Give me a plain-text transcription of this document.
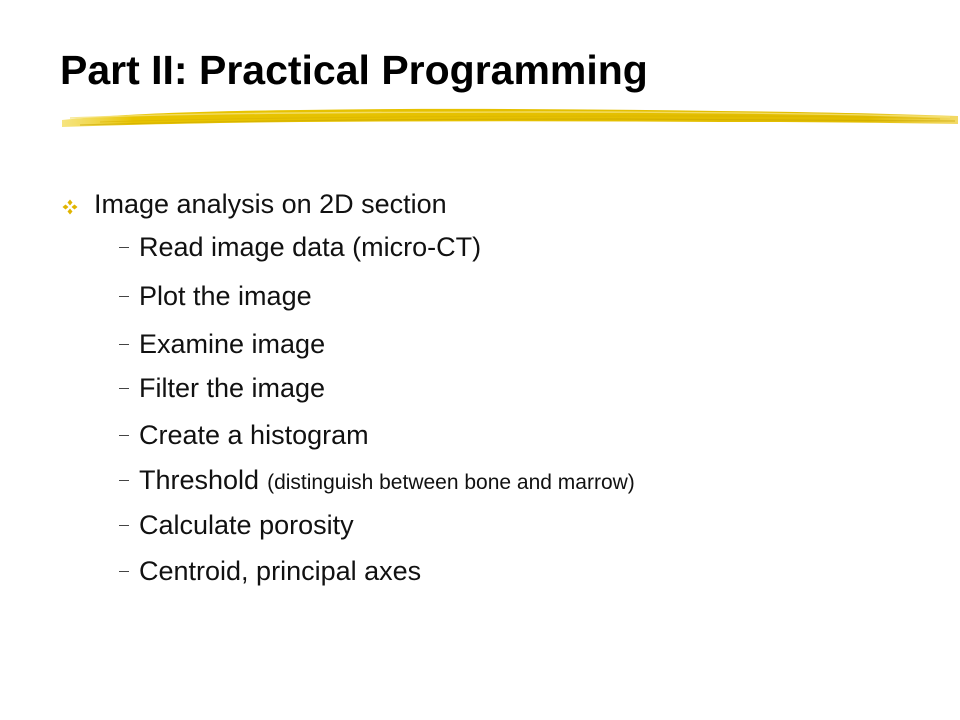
Part II: Practical Programming
Image analysis on 2D section
Read image data (micro-CT)
Plot the image
Examine image
Filter the image
Create a histogram
Threshold (distinguish between bone and marrow)
Calculate porosity
Centroid, principal axes
